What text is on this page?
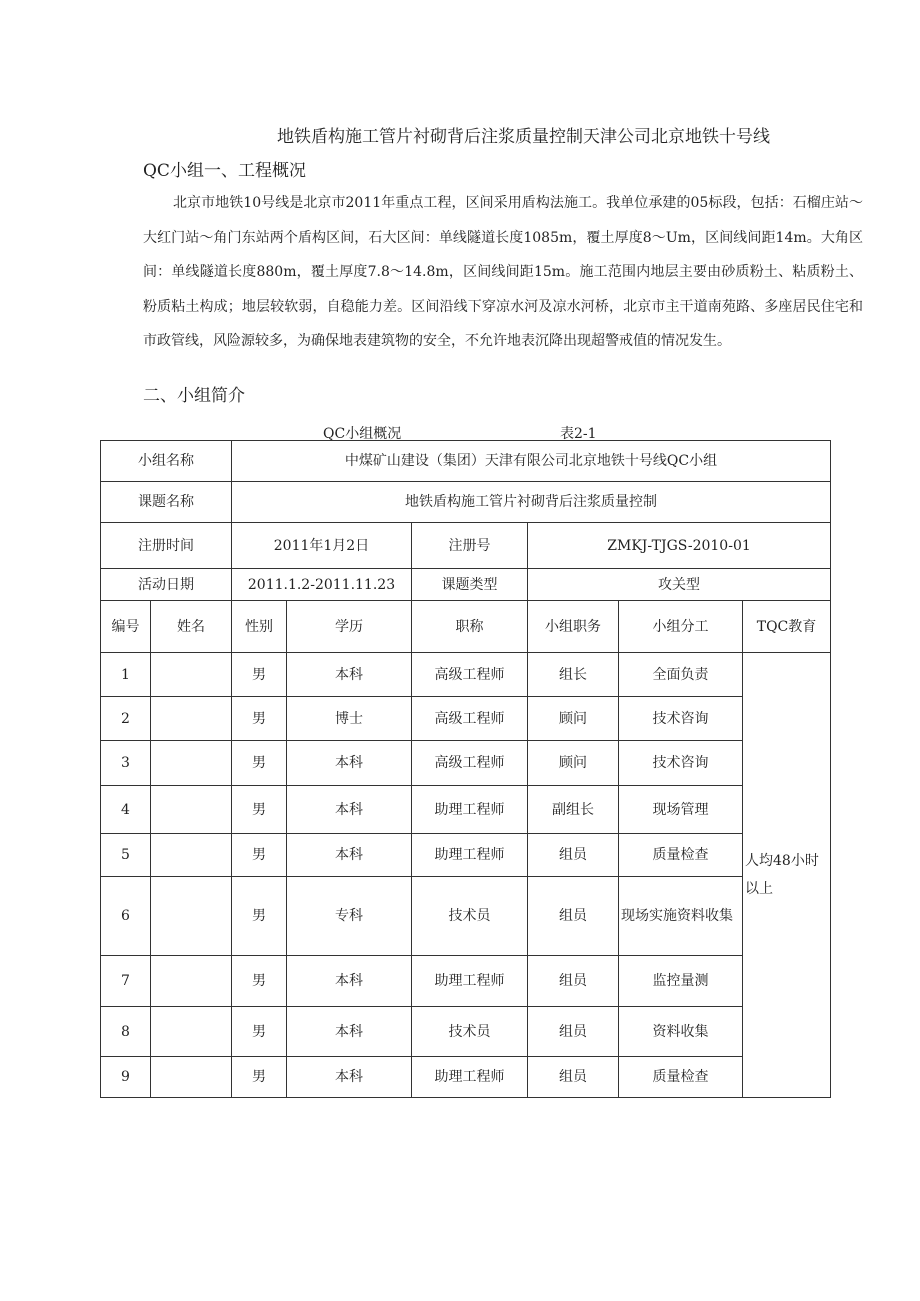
地铁盾构施工管片衬砌背后注浆质量控制天津公司北京地铁十号线
QC小组一、工程概况
北京市地铁10号线是北京市2011年重点工程，区间采用盾构法施工。我单位承建的05标段，包括：石榴庄站～大红门站～角门东站两个盾构区间，石大区间：单线隧道长度1085m，覆土厚度8～Um，区间线间距14m。大角区间：单线隧道长度880m，覆土厚度7.8～14.8m，区间线间距15m。施工范围内地层主要由砂质粉土、粘质粉土、粉质粘土构成；地层较软弱，自稳能力差。区间沿线下穿凉水河及凉水河桥，北京市主干道南苑路、多座居民住宅和市政管线，风险源较多，为确保地表建筑物的安全，不允许地表沉降出现超警戒值的情况发生。
二、小组简介
QC小组概况	表2-1
小组名称		中煤矿山建设（集团）天津有限公司北京地铁十号线QC小组					
课题名称		地铁盾构施工管片衬砌背后注浆质量控制					
注册时间		2011年1月2日		注册号	ZMKJ-TJGS-2010-01		
活动日期		2011.1.2-2011.11.23		课题类型	攻关型		
编号	姓名	性别	学历	职称	小组职务	小组分工	TQC教育
1		男	本科	高级工程师	组长	全面负责	人均48小时以上
2		男	博士	高级工程师	顾问	技术咨询	
3		男	本科	高级工程师	顾问	技术咨询	
4		男	本科	助理工程师	副组长	现场管理	
5		男	本科	助理工程师	组员	质量检查	
6		男	专科	技术员	组员	现场实施资料收集	
7		男	本科	助理工程师	组员	监控量测	
8		男	本科	技术员	组员	资料收集	
9		男	本科	助理工程师	组员	质量检查	
